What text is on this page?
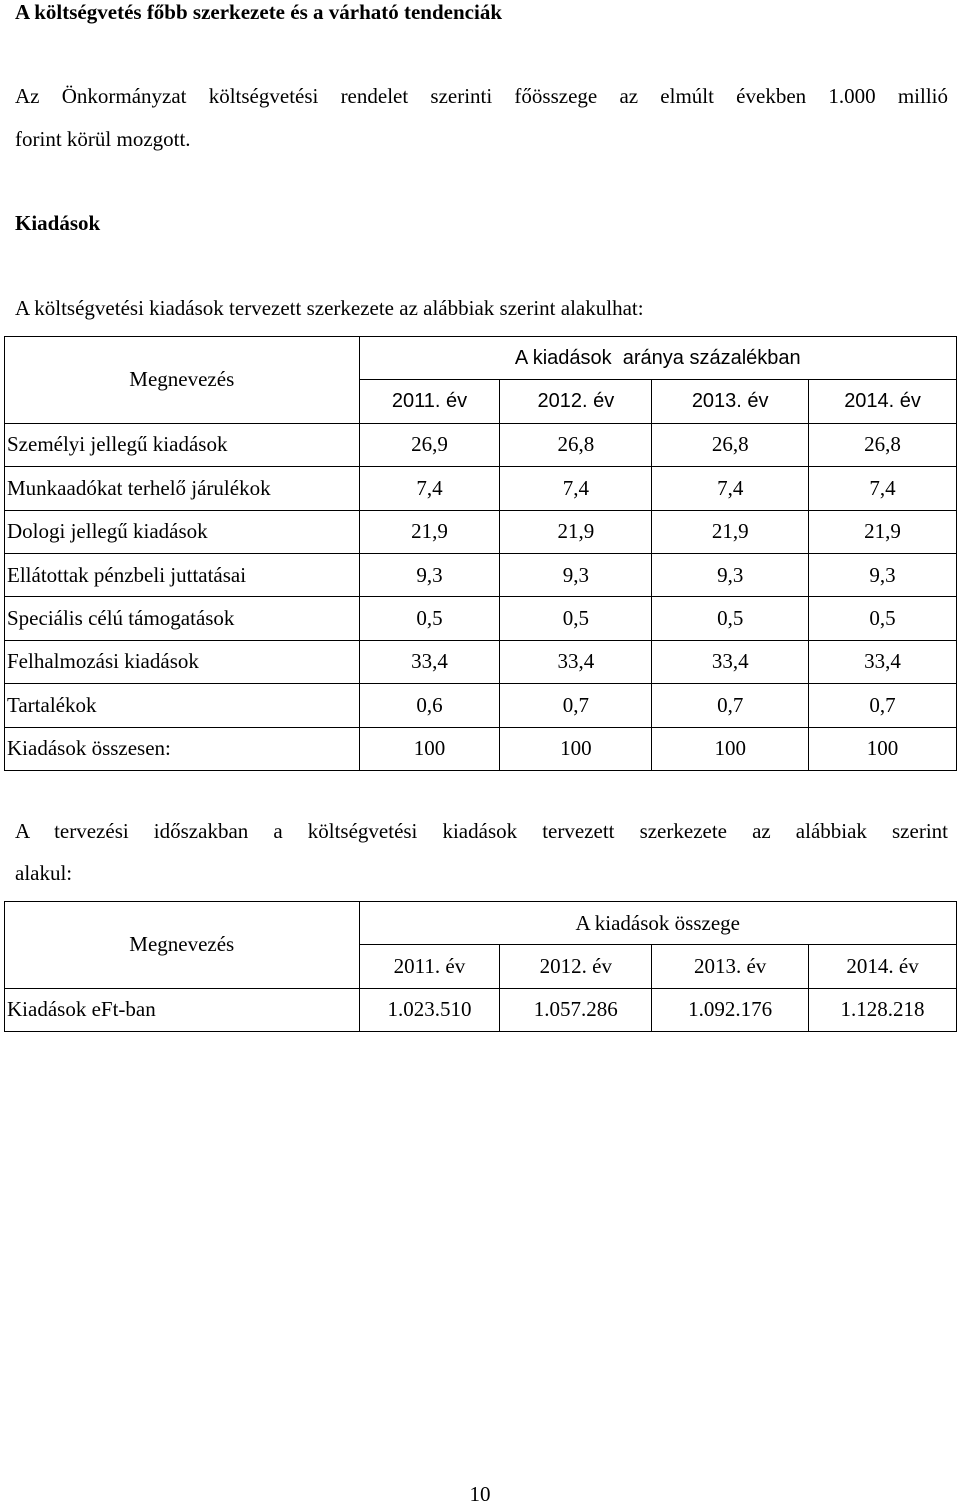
A költségvetés főbb szerkezete és a várható tendenciák
Az Önkormányzat költségvetési rendelet szerinti főösszege az elmúlt években 1.000 millió
forint körül mozgott.
Kiadások
A költségvetési kiadások tervezett szerkezete az alábbiak szerint alakulhat:
Megnevezés	A kiadások  aránya százalékban			
	2011. év	2012. év	2013. év	2014. év
Személyi jellegű kiadások	26,9	26,8	26,8	26,8
Munkaadókat terhelő járulékok	7,4	7,4	7,4	7,4
Dologi jellegű kiadások	21,9	21,9	21,9	21,9
Ellátottak pénzbeli juttatásai	9,3	9,3	9,3	9,3
Speciális célú támogatások	0,5	0,5	0,5	0,5
Felhalmozási kiadások	33,4	33,4	33,4	33,4
Tartalékok	0,6	0,7	0,7	0,7
Kiadások összesen:	100	100	100	100
A tervezési időszakban a költségvetési kiadások tervezett szerkezete az alábbiak szerint
alakul:
Megnevezés	A kiadások összege			
	2011. év	2012. év	2013. év	2014. év
Kiadások eFt-ban	1.023.510	1.057.286	1.092.176	1.128.218
10
